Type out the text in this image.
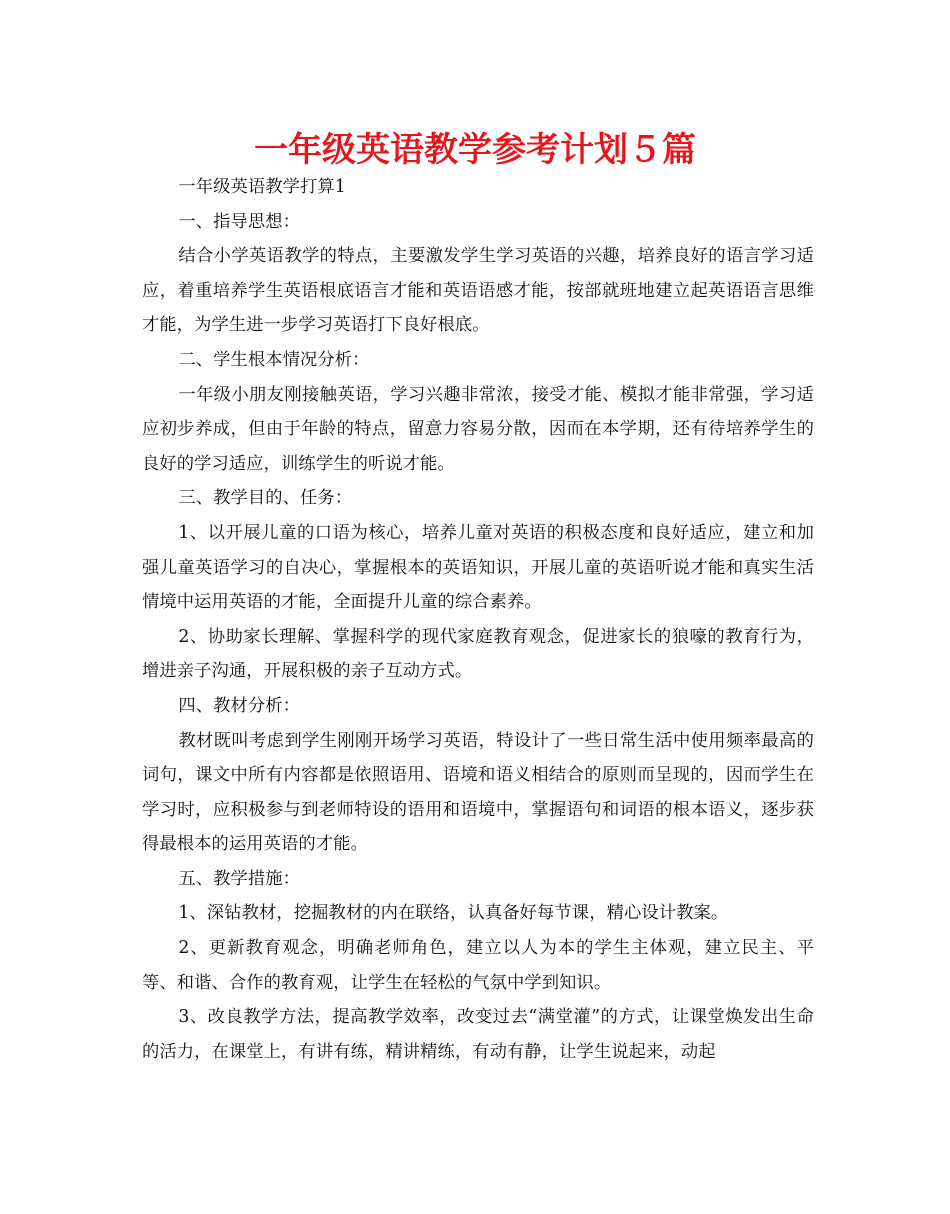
一年级英语教学参考计划５篇

一年级英语教学打算1

一、指导思想：

结合小学英语教学的特点，主要激发学生学习英语的兴趣，培养良好的语言学习适应，着重培养学生英语根底语言才能和英语语感才能，按部就班地建立起英语语言思维才能，为学生进一步学习英语打下良好根底。

二、学生根本情况分析：

一年级小朋友刚接触英语，学习兴趣非常浓，接受才能、模拟才能非常强，学习适应初步养成，但由于年龄的特点，留意力容易分散，因而在本学期，还有待培养学生的良好的学习适应，训练学生的听说才能。

三、教学目的、任务：

1、以开展儿童的口语为核心，培养儿童对英语的积极态度和良好适应，建立和加强儿童英语学习的自决心，掌握根本的英语知识，开展儿童的英语听说才能和真实生活情境中运用英语的才能，全面提升儿童的综合素养。

2、协助家长理解、掌握科学的现代家庭教育观念，促进家长的狼嚎的教育行为，增进亲子沟通，开展积极的亲子互动方式。

四、教材分析：

教材既叫考虑到学生刚刚开场学习英语，特设计了一些日常生活中使用频率最高的词句，课文中所有内容都是依照语用、语境和语义相结合的原则而呈现的，因而学生在学习时，应积极参与到老师特设的语用和语境中，掌握语句和词语的根本语义，逐步获得最根本的运用英语的才能。

五、教学措施：

1、深钻教材，挖掘教材的内在联络，认真备好每节课，精心设计教案。

2、更新教育观念，明确老师角色，建立以人为本的学生主体观，建立民主、平等、和谐、合作的教育观，让学生在轻松的气氛中学到知识。

3、改良教学方法，提高教学效率，改变过去“满堂灌”的方式，让课堂焕发出生命的活力，在课堂上，有讲有练，精讲精练，有动有静，让学生说起来，动起
